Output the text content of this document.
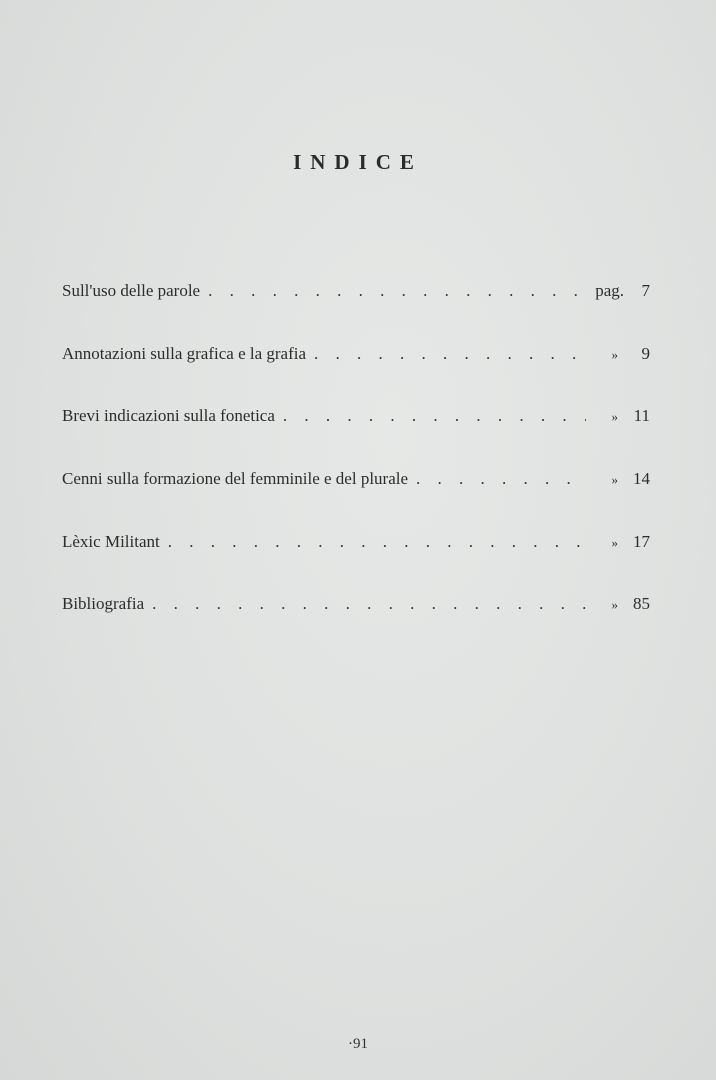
INDICE
Sull'uso delle parole . . .	pag.	7
Annotazioni sulla grafica e la grafia . . .	»	9
Brevi indicazioni sulla fonetica . . .	» 11
Cenni sulla formazione del femminile e del plurale . . .	» 14
Lèxic Militant . . .	» 17
Bibliografia . . .	» 85
·91
